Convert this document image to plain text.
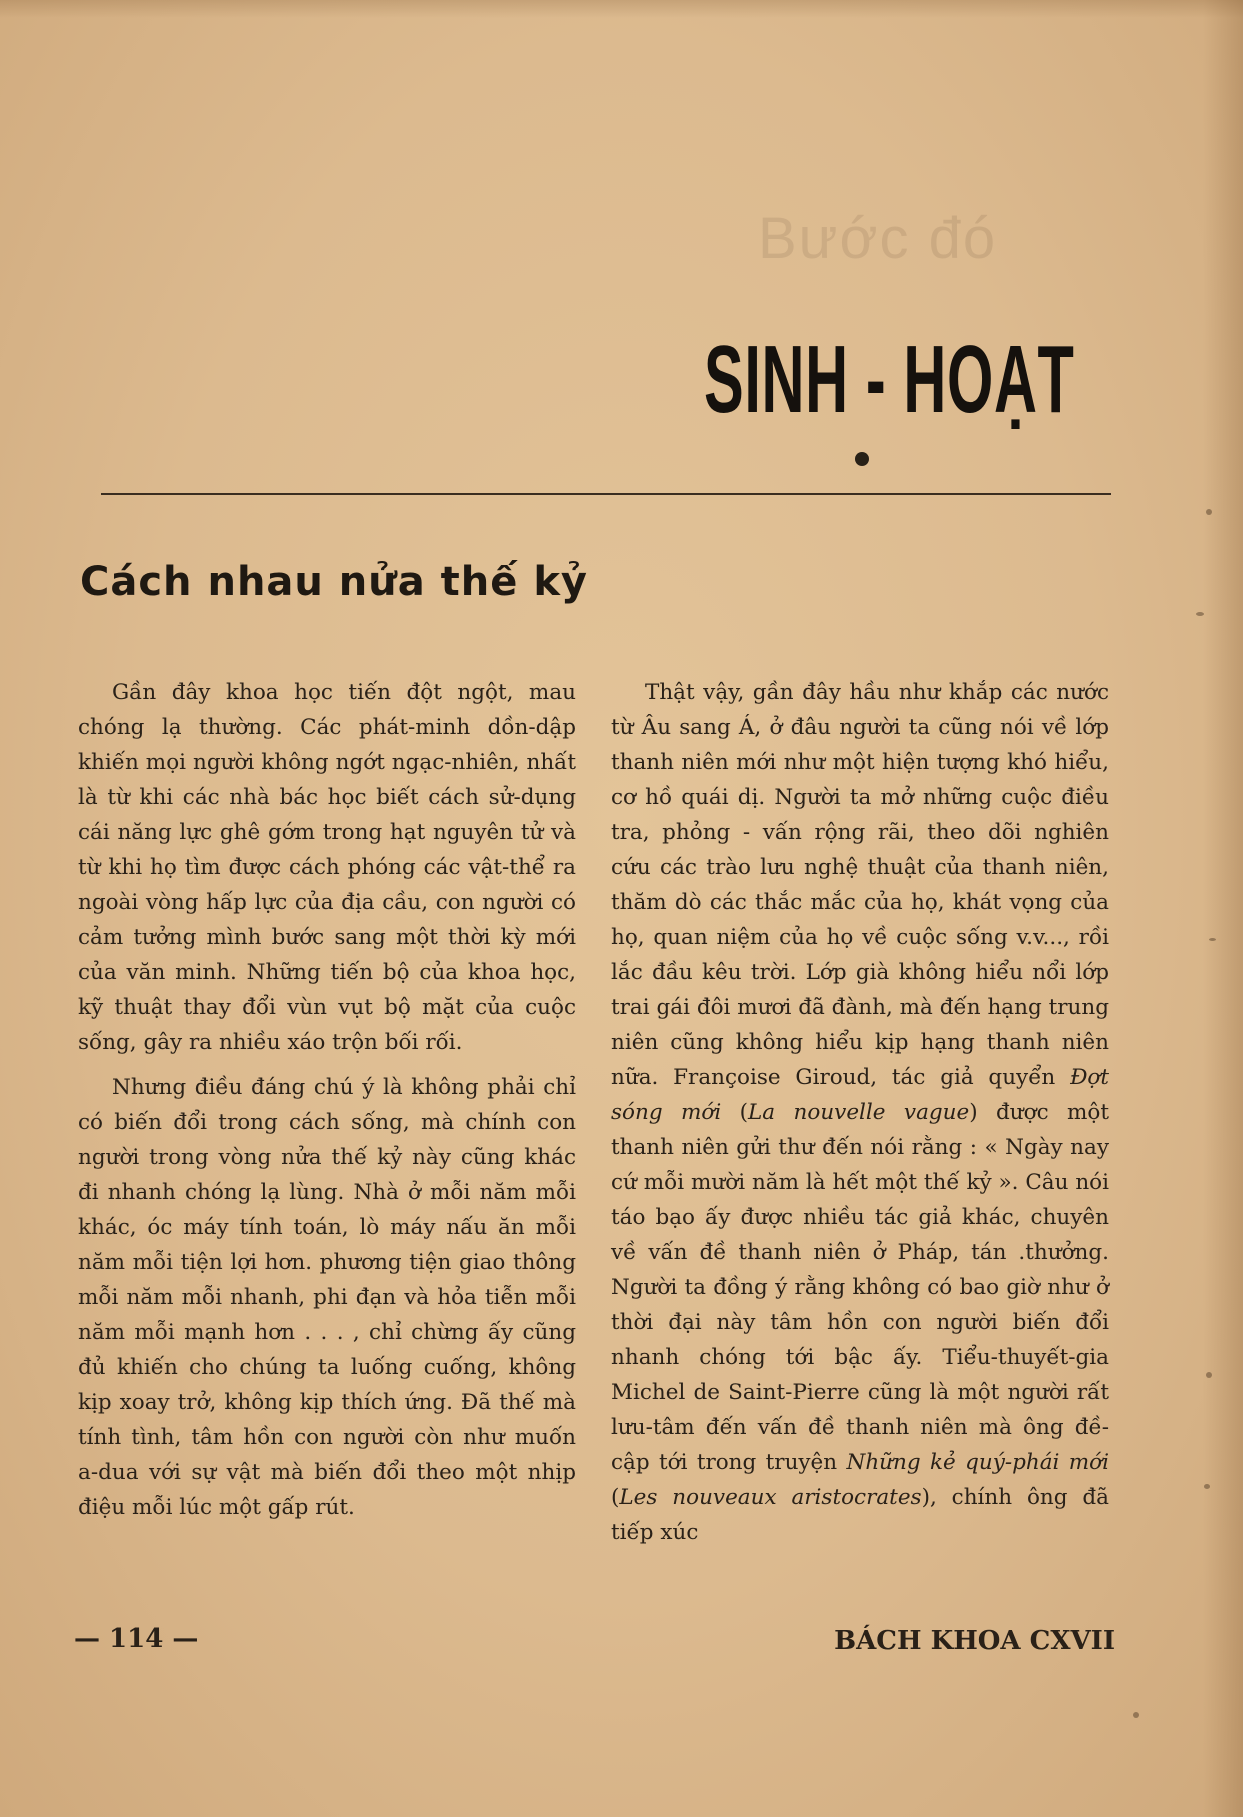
Bước đó
SINH - HOẠT
Cách nhau nửa thế kỷ

Gần đây khoa học tiến đột ngột, mau chóng lạ thường. Các phát-minh dồn-dập khiến mọi người không ngớt ngạc-nhiên, nhất là từ khi các nhà bác học biết cách sử-dụng cái năng lực ghê gớm trong hạt nguyên tử và từ khi họ tìm được cách phóng các vật-thể ra ngoài vòng hấp lực của địa cầu, con người có cảm tưởng mình bước sang một thời kỳ mới của văn minh. Những tiến bộ của khoa học, kỹ thuật thay đổi vùn vụt bộ mặt của cuộc sống, gây ra nhiều xáo trộn bối rối.

Nhưng điều đáng chú ý là không phải chỉ có biến đổi trong cách sống, mà chính con người trong vòng nửa thế kỷ này cũng khác đi nhanh chóng lạ lùng. Nhà ở mỗi năm mỗi khác, óc máy tính toán, lò máy nấu ăn mỗi năm mỗi tiện lợi hơn. phương tiện giao thông mỗi năm mỗi nhanh, phi đạn và hỏa tiễn mỗi năm mỗi mạnh hơn . . . , chỉ chừng ấy cũng đủ khiến cho chúng ta luống cuống, không kịp xoay trở, không kịp thích ứng. Đã thế mà tính tình, tâm hồn con người còn như muốn a-dua với sự vật mà biến đổi theo một nhịp điệu mỗi lúc một gấp rút.

Thật vậy, gần đây hầu như khắp các nước từ Âu sang Á, ở đâu người ta cũng nói về lớp thanh niên mới như một hiện tượng khó hiểu, cơ hồ quái dị. Người ta mở những cuộc điều tra, phỏng - vấn rộng rãi, theo dõi nghiên cứu các trào lưu nghệ thuật của thanh niên, thăm dò các thắc mắc của họ, khát vọng của họ, quan niệm của họ về cuộc sống v.v..., rồi lắc đầu kêu trời. Lớp già không hiểu nổi lớp trai gái đôi mươi đã đành, mà đến hạng trung niên cũng không hiểu kịp hạng thanh niên nữa. Françoise Giroud, tác giả quyển Đợt sóng mới (La nouvelle vague) được một thanh niên gửi thư đến nói rằng : « Ngày nay cứ mỗi mười năm là hết một thế kỷ ». Câu nói táo bạo ấy được nhiều tác giả khác, chuyên về vấn đề thanh niên ở Pháp, tán .thưởng. Người ta đồng ý rằng không có bao giờ như ở thời đại này tâm hồn con người biến đổi nhanh chóng tới bậc ấy. Tiểu-thuyết-gia Michel de Saint-Pierre cũng là một người rất lưu-tâm đến vấn đề thanh niên mà ông đề-cập tới trong truyện Những kẻ quý-phái mới (Les nouveaux aristocrates), chính ông đã tiếp xúc

— 114 —	BÁCH KHOA CXVII
